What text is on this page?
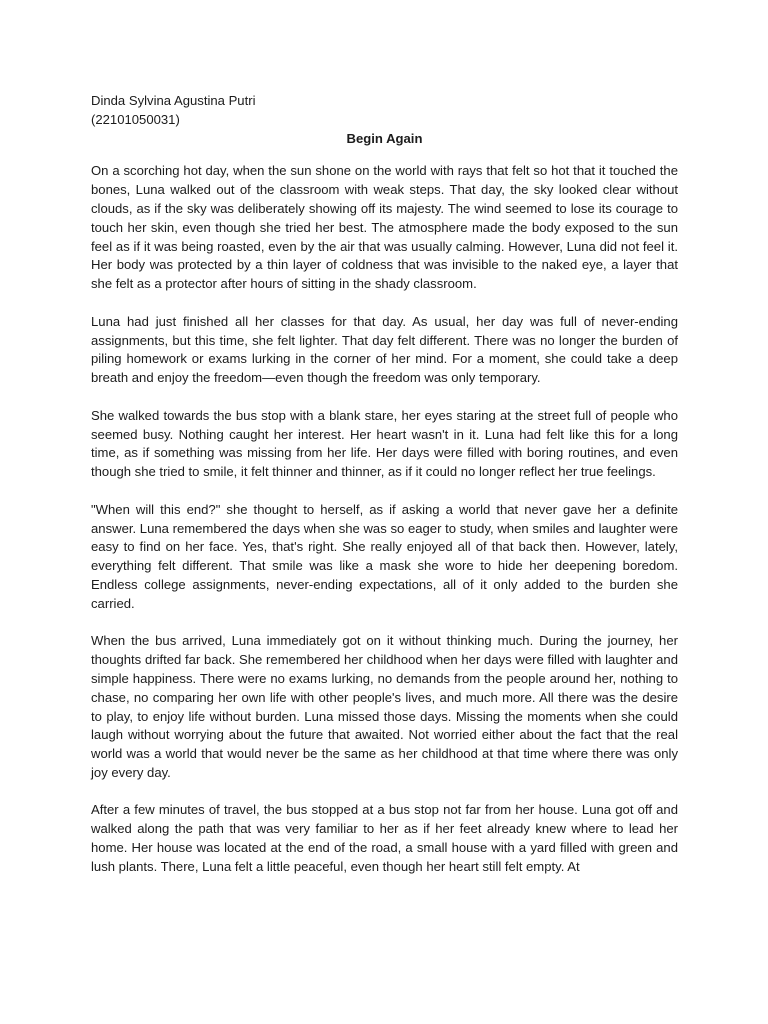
Dinda Sylvina Agustina Putri

(22101050031)

Begin Again

On a scorching hot day, when the sun shone on the world with rays that felt so hot that it touched the bones, Luna walked out of the classroom with weak steps. That day, the sky looked clear without clouds, as if the sky was deliberately showing off its majesty. The wind seemed to lose its courage to touch her skin, even though she tried her best. The atmosphere made the body exposed to the sun feel as if it was being roasted, even by the air that was usually calming. However, Luna did not feel it. Her body was protected by a thin layer of coldness that was invisible to the naked eye, a layer that she felt as a protector after hours of sitting in the shady classroom.

Luna had just finished all her classes for that day. As usual, her day was full of never-ending assignments, but this time, she felt lighter. That day felt different. There was no longer the burden of piling homework or exams lurking in the corner of her mind. For a moment, she could take a deep breath and enjoy the freedom—even though the freedom was only temporary.

She walked towards the bus stop with a blank stare, her eyes staring at the street full of people who seemed busy. Nothing caught her interest. Her heart wasn't in it. Luna had felt like this for a long time, as if something was missing from her life. Her days were filled with boring routines, and even though she tried to smile, it felt thinner and thinner, as if it could no longer reflect her true feelings.

"When will this end?" she thought to herself, as if asking a world that never gave her a definite answer. Luna remembered the days when she was so eager to study, when smiles and laughter were easy to find on her face. Yes, that's right. She really enjoyed all of that back then. However, lately, everything felt different. That smile was like a mask she wore to hide her deepening boredom. Endless college assignments, never-ending expectations, all of it only added to the burden she carried.

When the bus arrived, Luna immediately got on it without thinking much. During the journey, her thoughts drifted far back. She remembered her childhood when her days were filled with laughter and simple happiness. There were no exams lurking, no demands from the people around her, nothing to chase, no comparing her own life with other people's lives, and much more. All there was the desire to play, to enjoy life without burden. Luna missed those days. Missing the moments when she could laugh without worrying about the future that awaited. Not worried either about the fact that the real world was a world that would never be the same as her childhood at that time where there was only joy every day.

After a few minutes of travel, the bus stopped at a bus stop not far from her house. Luna got off and walked along the path that was very familiar to her as if her feet already knew where to lead her home. Her house was located at the end of the road, a small house with a yard filled with green and lush plants. There, Luna felt a little peaceful, even though her heart still felt empty. At
